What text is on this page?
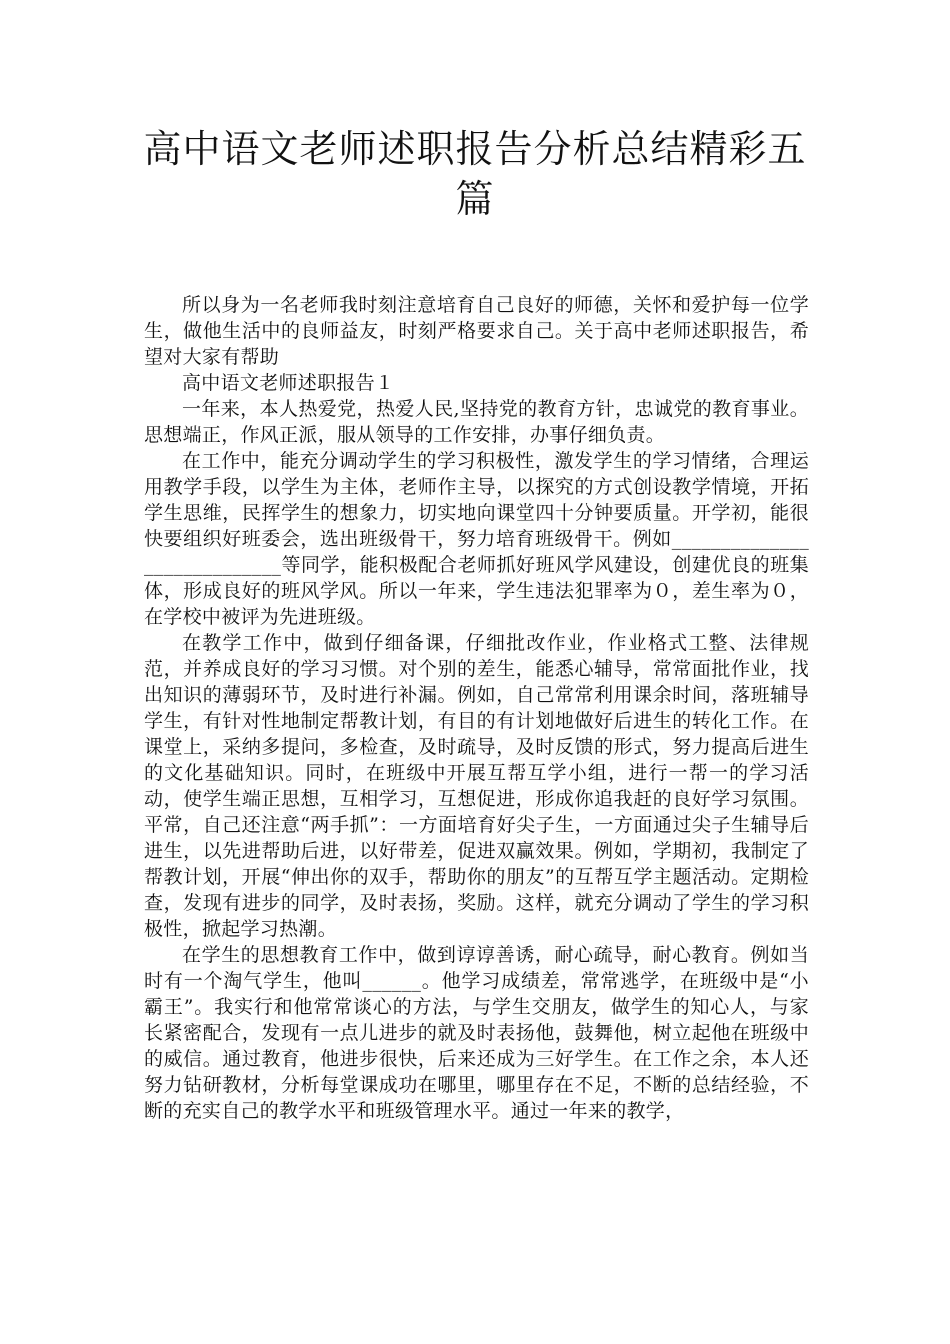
高中语文老师述职报告分析总结精彩五篇

所以身为一名老师我时刻注意培育自己良好的师德，关怀和爱护每一位学生，做他生活中的良师益友，时刻严格要求自己。关于高中老师述职报告，希望对大家有帮助

高中语文老师述职报告１

一年来，本人热爱党，热爱人民,坚持党的教育方针，忠诚党的教育事业。思想端正，作风正派，服从领导的工作安排，办事仔细负责。

在工作中，能充分调动学生的学习积极性，激发学生的学习情绪，合理运用教学手段，以学生为主体，老师作主导，以探究的方式创设教学情境，开拓学生思维，民挥学生的想象力，切实地向课堂四十分钟要质量。开学初，能很快要组织好班委会，选出班级骨干，努力培育班级骨干。例如____________________________等同学，能积极配合老师抓好班风学风建设，创建优良的班集体，形成良好的班风学风。所以一年来，学生违法犯罪率为０，差生率为０，在学校中被评为先进班级。

在教学工作中，做到仔细备课，仔细批改作业，作业格式工整、法律规范，并养成良好的学习习惯。对个别的差生，能悉心辅导，常常面批作业，找出知识的薄弱环节，及时进行补漏。例如，自己常常利用课余时间，落班辅导学生，有针对性地制定帮教计划，有目的有计划地做好后进生的转化工作。在课堂上，采纳多提问，多检查，及时疏导，及时反馈的形式，努力提高后进生的文化基础知识。同时，在班级中开展互帮互学小组，进行一帮一的学习活动，使学生端正思想，互相学习，互想促进，形成你追我赶的良好学习氛围。平常，自己还注意“两手抓”：一方面培育好尖子生，一方面通过尖子生辅导后进生，以先进帮助后进，以好带差，促进双赢效果。例如，学期初，我制定了帮教计划，开展“伸出你的双手，帮助你的朋友”的互帮互学主题活动。定期检查，发现有进步的同学，及时表扬，奖励。这样，就充分调动了学生的学习积极性，掀起学习热潮。

在学生的思想教育工作中，做到谆谆善诱，耐心疏导，耐心教育。例如当时有一个淘气学生，他叫______。他学习成绩差，常常逃学，在班级中是“小霸王”。我实行和他常常谈心的方法，与学生交朋友，做学生的知心人，与家长紧密配合，发现有一点儿进步的就及时表扬他，鼓舞他，树立起他在班级中的威信。通过教育，他进步很快，后来还成为三好学生。在工作之余，本人还努力钻研教材，分析每堂课成功在哪里，哪里存在不足，不断的总结经验，不断的充实自己的教学水平和班级管理水平。通过一年来的教学，
